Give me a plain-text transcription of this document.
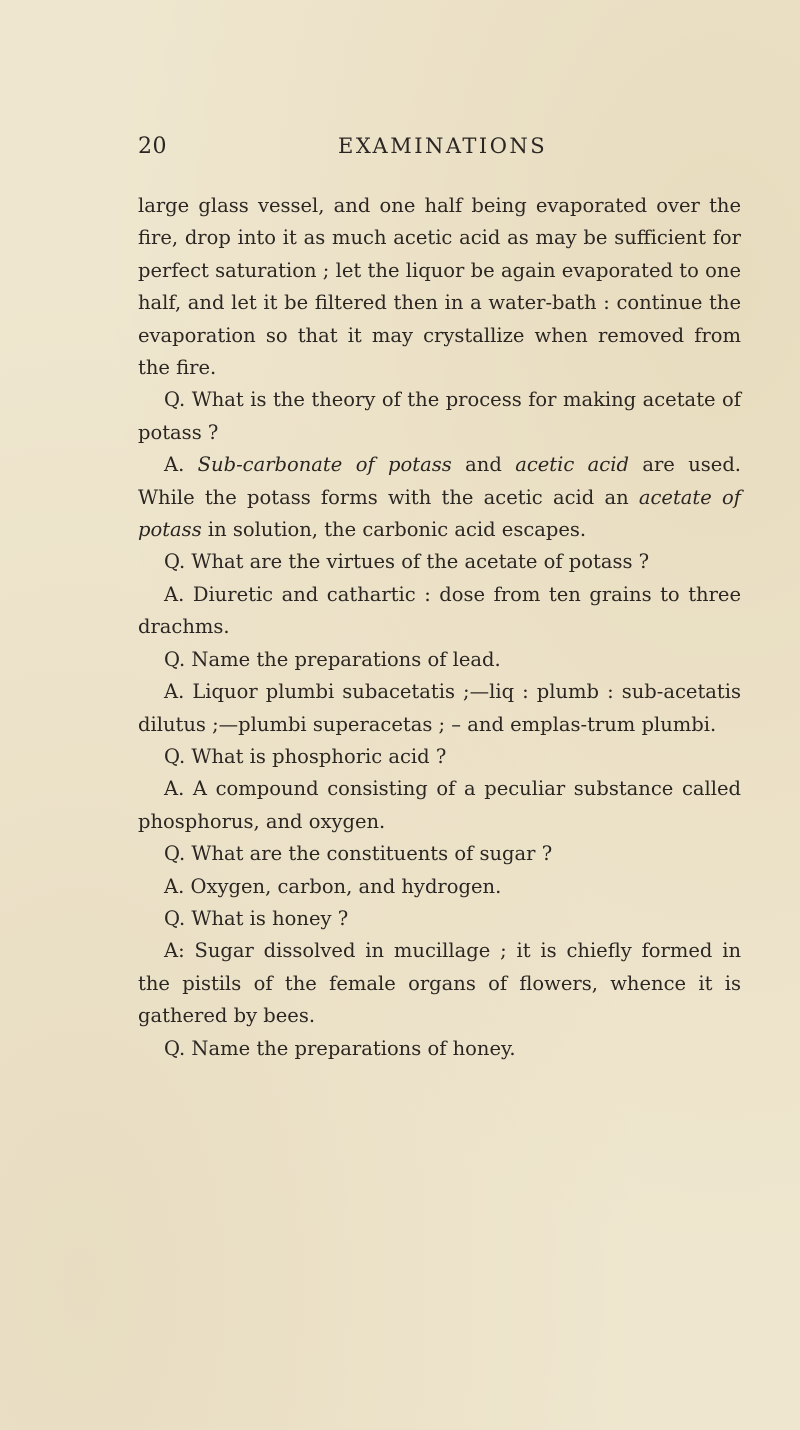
20	EXAMINATIONS

large glass vessel, and one half being evaporated over the fire, drop into it as much acetic acid as may be sufficient for perfect saturation ; let the liquor be again evaporated to one half, and let it be filtered then in a water-bath : continue the evaporation so that it may crystallize when removed from the fire.

Q. What is the theory of the process for making acetate of potass ?

A. Sub-carbonate of potass and acetic acid are used. While the potass forms with the acetic acid an acetate of potass in solution, the carbonic acid escapes.

Q. What are the virtues of the acetate of potass ?

A. Diuretic and cathartic : dose from ten grains to three drachms.

Q. Name the preparations of lead.

A. Liquor plumbi subacetatis ;—liq : plumb : sub-acetatis dilutus ;—plumbi superacetas ; – and emplas-trum plumbi.

Q. What is phosphoric acid ?

A. A compound consisting of a peculiar substance called phosphorus, and oxygen.

Q. What are the constituents of sugar ?

A. Oxygen, carbon, and hydrogen.

Q. What is honey ?

A: Sugar dissolved in mucillage ; it is chiefly formed in the pistils of the female organs of flowers, whence it is gathered by bees.

Q. Name the preparations of honey.
